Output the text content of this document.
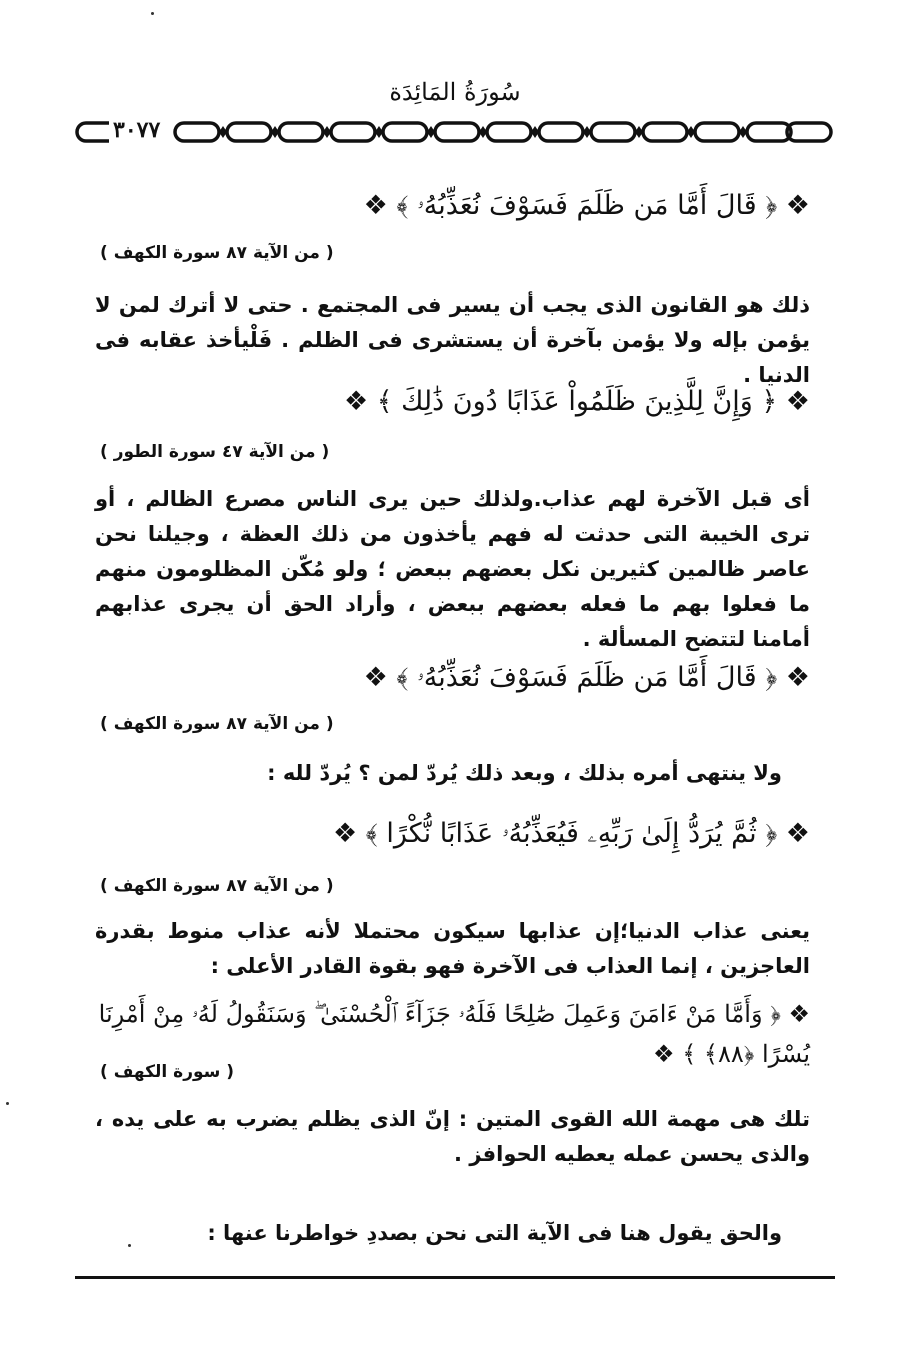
سُورَةُ المَائِدَة
٣٠٧٧
❖ ﴿ قَالَ أَمَّا مَن ظَلَمَ فَسَوْفَ نُعَذِّبُهُۥ ﴾ ❖
( من الآية ٨٧ سورة الكهف )
ذلك هو القانون الذى يجب أن يسير فى المجتمع . حتى لا أترك لمن لا يؤمن بإله ولا يؤمن بآخرة أن يستشرى فى الظلم . فَلْيأخذ عقابه فى الدنيا .
❖ ﴿ وَإِنَّ لِلَّذِينَ ظَلَمُواْ عَذَابًا دُونَ ذَٰلِكَ ﴾ ❖
( من الآية ٤٧ سورة الطور )
أى قبل الآخرة لهم عذاب.ولذلك حين يرى الناس مصرع الظالم ، أو ترى الخيبة التى حدثت له فهم يأخذون من ذلك العظة ، وجيلنا نحن عاصر ظالمين كثيرين نكل بعضهم ببعض ؛ ولو مُكّن المظلومون منهم ما فعلوا بهم ما فعله بعضهم ببعض ، وأراد الحق أن يجرى عذابهم أمامنا لتتضح المسألة .
❖ ﴿ قَالَ أَمَّا مَن ظَلَمَ فَسَوْفَ نُعَذِّبُهُۥ ﴾ ❖
( من الآية ٨٧ سورة الكهف )
ولا ينتهى أمره بذلك ، وبعد ذلك يُردّ لمن ؟ يُردّ لله :
❖ ﴿ ثُمَّ يُرَدُّ إِلَىٰ رَبِّهِۦ فَيُعَذِّبُهُۥ عَذَابًا نُّكْرًا ﴾ ❖
( من الآية ٨٧ سورة الكهف )
يعنى عذاب الدنيا؛إن عذابها سيكون محتملا لأنه عذاب منوط بقدرة العاجزين ، إنما العذاب فى الآخرة فهو بقوة القادر الأعلى :
❖ ﴿ وَأَمَّا مَنْ ءَامَنَ وَعَمِلَ صَٰلِحًا فَلَهُۥ جَزَآءً ٱلْحُسْنَىٰ ۖ وَسَنَقُولُ لَهُۥ مِنْ أَمْرِنَا يُسْرًا ﴿٨٨﴾ ﴾ ❖
( سورة الكهف )
تلك هى مهمة الله القوى المتين : إنّ الذى يظلم يضرب به على يده ، والذى يحسن عمله يعطيه الحوافز .
والحق يقول هنا فى الآية التى نحن بصددِ خواطرنا عنها :
